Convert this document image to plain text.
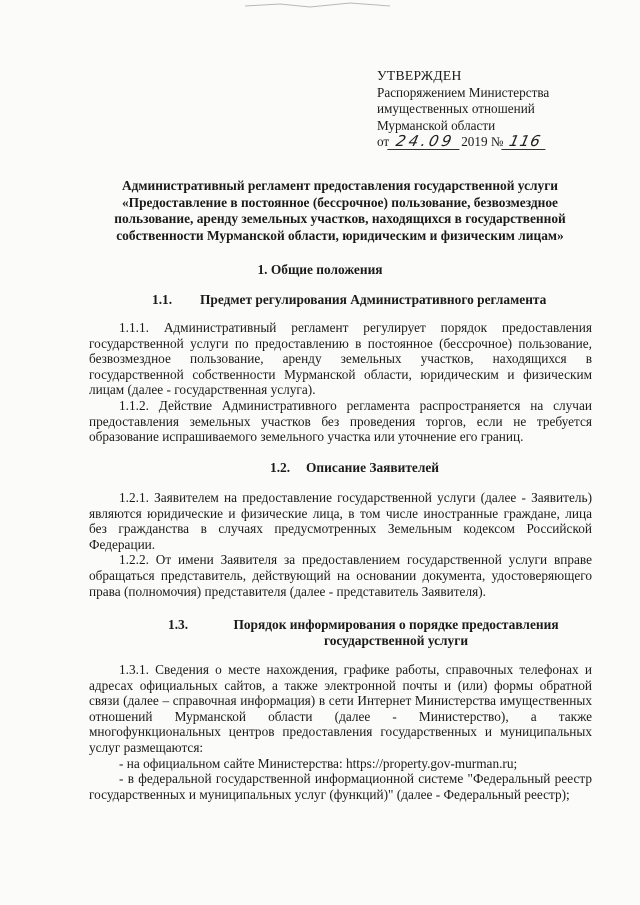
УТВЕРЖДЕН
Распоряжением Министерства
имущественных отношений
Мурманской области
от 24.09 2019 № 116
Административный регламент предоставления государственной услуги
«Предоставление в постоянное (бессрочное) пользование, безвозмездное
пользование, аренду земельных участков, находящихся в государственной
собственности Мурманской области, юридическим и физическим лицам»
1. Общие положения
1.1. Предмет регулирования Административного регламента

1.1.1. Административный регламент регулирует порядок предоставления государственной услуги по предоставлению в постоянное (бессрочное) пользование, безвозмездное пользование, аренду земельных участков, находящихся в государственной собственности Мурманской области, юридическим и физическим лицам (далее - государственная услуга).

1.1.2. Действие Административного регламента распространяется на случаи предоставления земельных участков без проведения торгов, если не требуется образование испрашиваемого земельного участка или уточнение его границ.

1.2. Описание Заявителей

1.2.1. Заявителем на предоставление государственной услуги (далее - Заявитель) являются юридические и физические лица, в том числе иностранные граждане, лица без гражданства в случаях предусмотренных Земельным кодексом Российской Федерации.

1.2.2. От имени Заявителя за предоставлением государственной услуги вправе обращаться представитель, действующий на основании документа, удостоверяющего права (полномочия) представителя (далее - представитель Заявителя).

1.3.	Порядок информирования о порядке предоставления
государственной услуги

1.3.1. Сведения о месте нахождения, графике работы, справочных телефонах и адресах официальных сайтов, а также электронной почты и (или) формы обратной связи (далее – справочная информация) в сети Интернет Министерства имущественных отношений Мурманской области (далее - Министерство), а также многофункциональных центров предоставления государственных и муниципальных услуг размещаются:

- на официальном сайте Министерства: https://property.gov-murman.ru;

- в федеральной государственной информационной системе "Федеральный реестр государственных и муниципальных услуг (функций)" (далее - Федеральный реестр);
